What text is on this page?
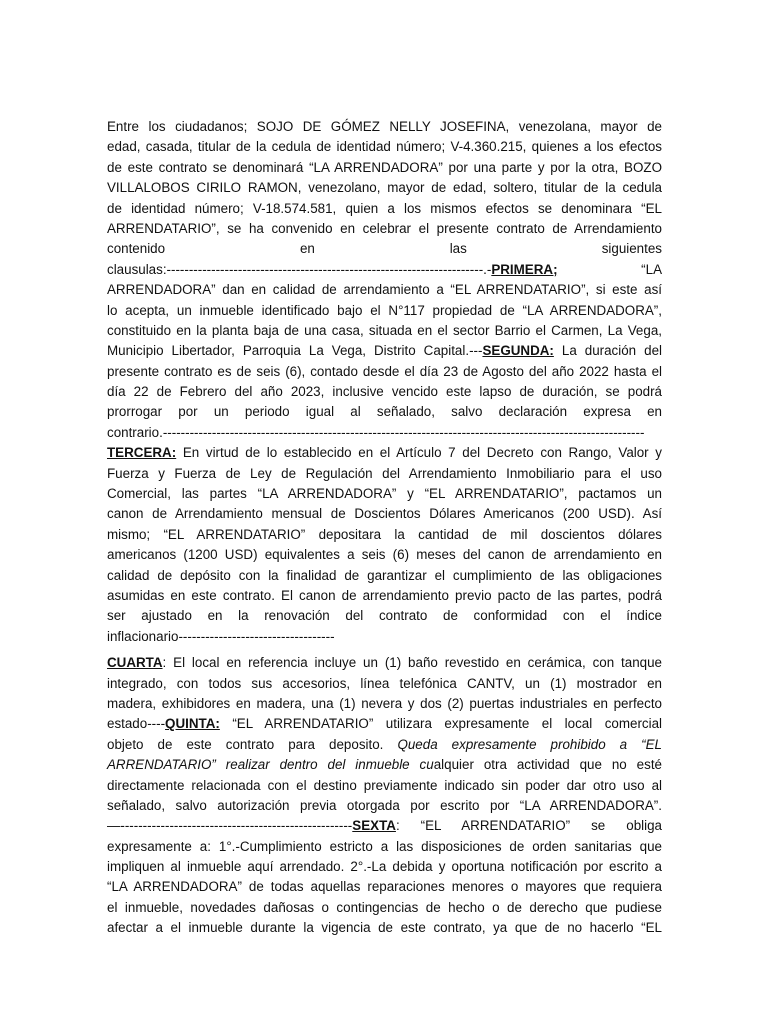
Entre los ciudadanos; SOJO DE GÓMEZ NELLY JOSEFINA, venezolana, mayor de
edad, casada, titular de la cedula de identidad número; V-4.360.215, quienes a los efectos
de este contrato se denominará “LA ARRENDADORA” por una parte y por la otra, BOZO
VILLALOBOS CIRILO RAMON, venezolano, mayor de edad, soltero, titular de la cedula
de identidad número; V-18.574.581, quien a los mismos efectos se denominara “EL
ARRENDATARIO”, se ha convenido en celebrar el presente contrato de Arrendamiento
contenido en las siguientes
clausulas:-----------------------------------------------------------------------.-PRIMERA;	“LA
ARRENDADORA” dan en calidad de arrendamiento a “EL ARRENDATARIO”, si este así
lo acepta, un inmueble identificado bajo el N°117 propiedad de “LA ARRENDADORA”,
constituido en la planta baja de una casa, situada en el sector Barrio el Carmen, La Vega,
Municipio Libertador, Parroquia La Vega, Distrito Capital.---SEGUNDA: La duración del
presente contrato es de seis (6), contado desde el día 23 de Agosto del año 2022 hasta el
día 22 de Febrero del año 2023, inclusive vencido este lapso de duración, se podrá
prorrogar por un periodo igual al señalado, salvo declaración expresa en
contrario.------------------------------------------------------------------------------------------------------------
TERCERA: En virtud de lo establecido en el Artículo 7 del Decreto con Rango, Valor y
Fuerza y Fuerza de Ley de Regulación del Arrendamiento Inmobiliario para el uso
Comercial, las partes “LA ARRENDADORA” y “EL ARRENDATARIO”, pactamos un
canon de Arrendamiento mensual de Doscientos Dólares Americanos (200 USD). Así
mismo; “EL ARRENDATARIO” depositara la cantidad de mil doscientos dólares
americanos (1200 USD) equivalentes a seis (6) meses del canon de arrendamiento en
calidad de depósito con la finalidad de garantizar el cumplimiento de las obligaciones
asumidas en este contrato. El canon de arrendamiento previo pacto de las partes, podrá
ser ajustado en la renovación del contrato de conformidad con el índice
inflacionario-----------------------------------
CUARTA: El local en referencia incluye un (1) baño revestido en cerámica, con tanque
integrado, con todos sus accesorios, línea telefónica CANTV, un (1) mostrador en
madera, exhibidores en madera, una (1) nevera y dos (2) puertas industriales en perfecto
estado----QUINTA: “EL ARRENDATARIO” utilizara expresamente el local comercial
objeto de este contrato para deposito. Queda expresamente prohibido a “EL
ARRENDATARIO” realizar dentro del inmueble cualquier otra actividad que no esté
directamente relacionada con el destino previamente indicado sin poder dar otro uso al
señalado, salvo autorización previa otorgada por escrito por “LA ARRENDADORA”.
—----------------------------------------------------SEXTA: “EL ARRENDATARIO” se obliga
expresamente a: 1°.-Cumplimiento estricto a las disposiciones de orden sanitarias que
impliquen al inmueble aquí arrendado. 2°.-La debida y oportuna notificación por escrito a
“LA ARRENDADORA” de todas aquellas reparaciones menores o mayores que requiera
el inmueble, novedades dañosas o contingencias de hecho o de derecho que pudiese
afectar a el inmueble durante la vigencia de este contrato, ya que de no hacerlo “EL
